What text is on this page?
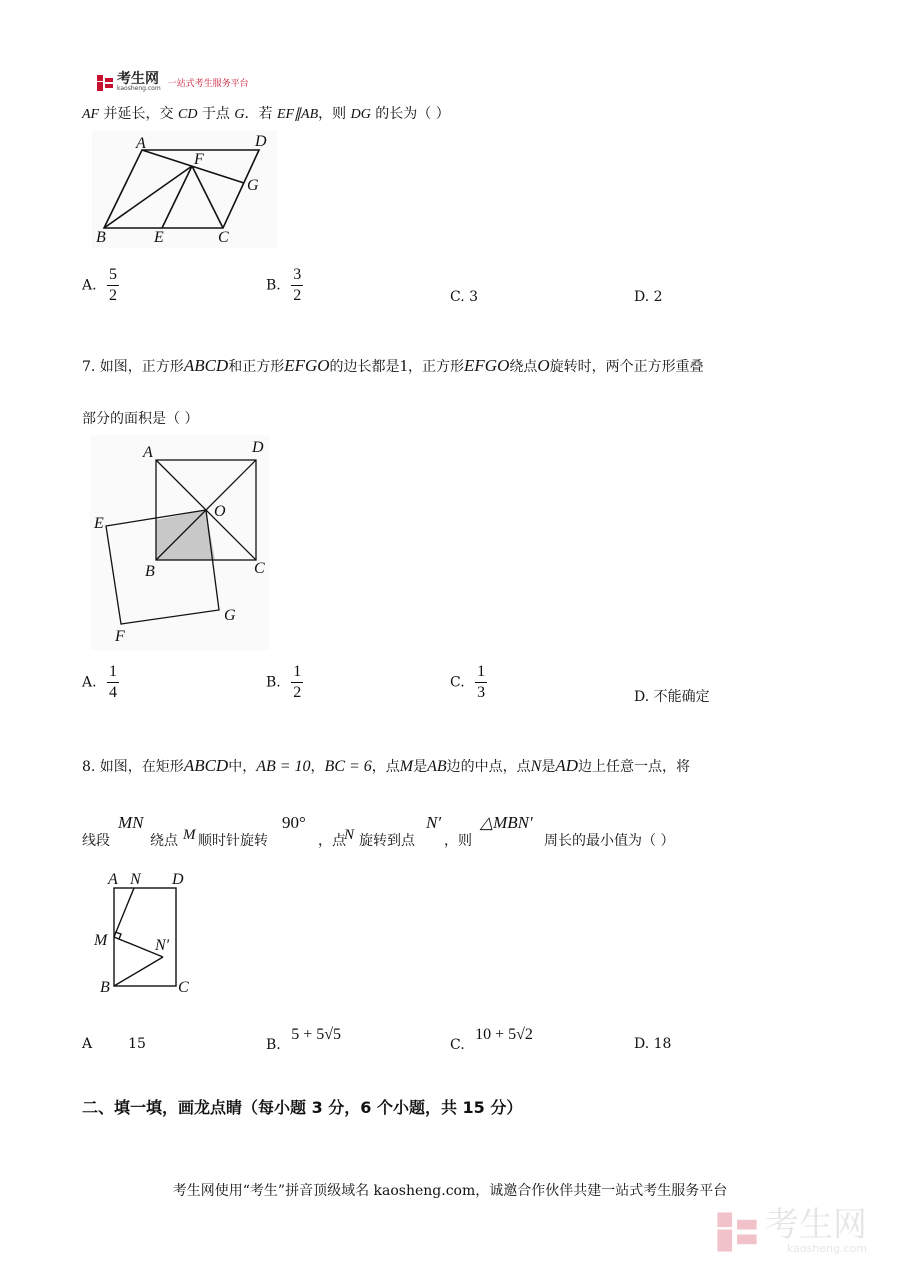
考生网
kaosheng.com 一站式考生服务平台
AF 并延长，交 CD 于点 G．若 EF∥AB，则 DG 的长为（ ）
A	D
F
G
B	E	C
A. $\frac{5}{2}$	B. $\frac{3}{2}$	C. 3	D. 2
7. 如图，正方形ABCD和正方形EFGO的边长都是1，正方形EFGO绕点O旋转时，两个正方形重叠
部分的面积是（ ）
A	D
O
E
B	C
G
F
A. $\frac{1}{4}$	B. $\frac{1}{2}$	C. $\frac{1}{3}$	D. 不能确定
8. 如图，在矩形ABCD中，AB = 10，BC = 6，点M是AB边的中点，点N是AD边上任意一点，将
线段
MN
绕点 M 顺时针旋转
90°
，点
N 旋转到点
N′
，则
△MBN′
周长的最小值为（ ）
A N D
M	N′
B	C
A	15	B. 5 + 5√5
C. 10 + 5√2
D. 18
二、填一填，画龙点睛（每小题 3 分，6 个小题，共 15 分）
考生网使用“考生”拼音顶级域名 kaosheng.com，诚邀合作伙伴共建一站式考生服务平台
考生网
kaosheng.com
